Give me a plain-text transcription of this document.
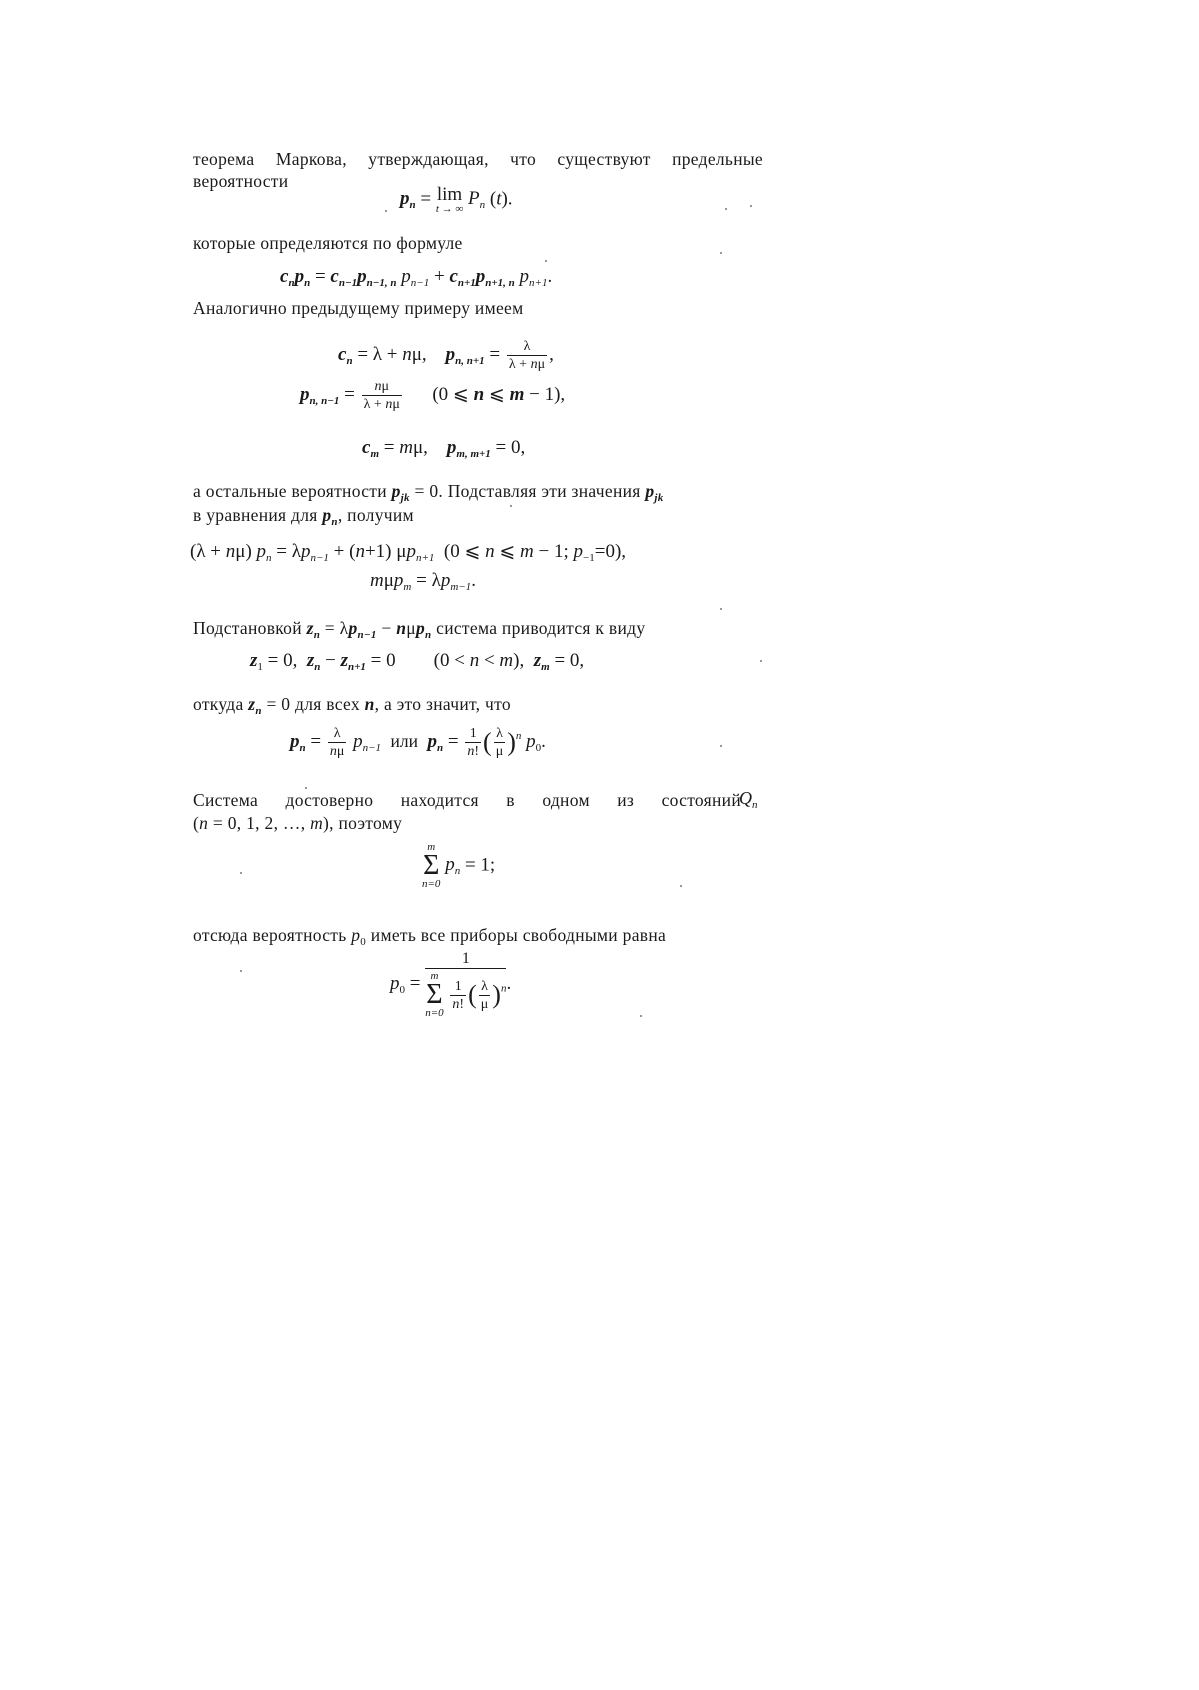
теорема Маркова, утверждающая, что существуют предельные
вероятности
$p_n = \lim$
t → ∞ $P_n$ (t).
которые определяются по формуле
$c_np_n = c_{n-1}p_{n-1, n}$ $p_{n-1} + c_{n+1}p_{n+1, n}$ $p_{n+1}$.
Аналогично предыдущему примеру имеем
$c_n = \lambda + n\mu$,    $p_{n, n+1} = \frac{\lambda}{\lambda + n\mu}$ ,
$p_{n, n-1} = \frac{n\mu}{\lambda + n\mu} (0$ ⩽ n ⩽ m − 1),
$c_m = m\mu$,    $p_{m, m+1} = 0$,
а остальные вероятности $p_{jk} = 0$. Подставляя эти значения $p_{jk}$
в уравнения для $p_n$, получим
(λ + nμ) $p_n = \lambda p_{n-1} + (n+1)$ $\mu p_{n+1}$  (0 ⩽ n ⩽ m − 1; $p_{-1}=0$),
$m\mu p_m = \lambda p_{m-1}$.
Подстановкой $z_n = \lambda p_{n-1} - n\mu p_n$ система приводится к виду
$z_1 = 0$,  $z_n - z_{n+1} = 0$        (0 < n < m),  $z_m = 0$,
откуда $z_n = 0$ для всех n, а это значит, что
$p_n = \frac{\lambda}{n\mu} p_{n-1}$ или $p_n = \frac{1}{n!}$ ( $\frac{\lambda}{\mu} )^n$ $p_0$.
Система достоверно находится в одном из состояний
$Q_n$
(n = 0, 1, 2, …, m), поэтому
m
Σ
n=0
$p_n = 1$;
отсюда вероятность $p_0$ иметь все приборы свободными равна
$p_0$ =
1
m
Σ
n=0

$\frac{1}{n!}$ ( $\frac{\lambda}{\mu} )^n$ .
